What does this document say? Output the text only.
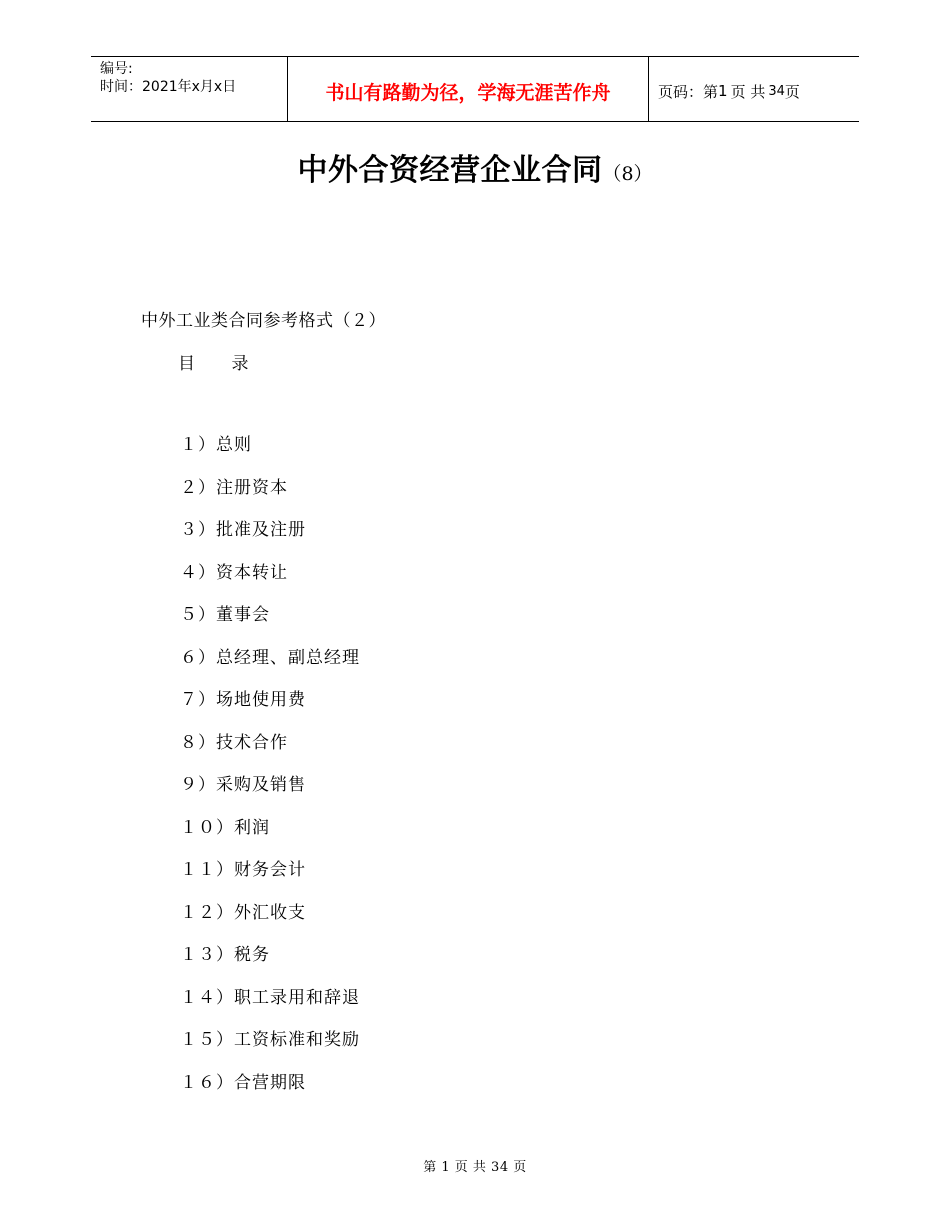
编号:
时间：2021年x月x日	书山有路勤为径，学海无涯苦作舟	页码：第 1 页 共 34 页
中外合资经营企业合同（8）
中外工业类合同参考格式（２）
目 录
１）总则
２）注册资本
３）批准及注册
４）资本转让
５）董事会
６）总经理、副总经理
７）场地使用费
８）技术合作
９）采购及销售
１０）利润
１１）财务会计
１２）外汇收支
１３）税务
１４）职工录用和辞退
１５）工资标准和奖励
１６）合营期限
第 1 页 共 34 页
